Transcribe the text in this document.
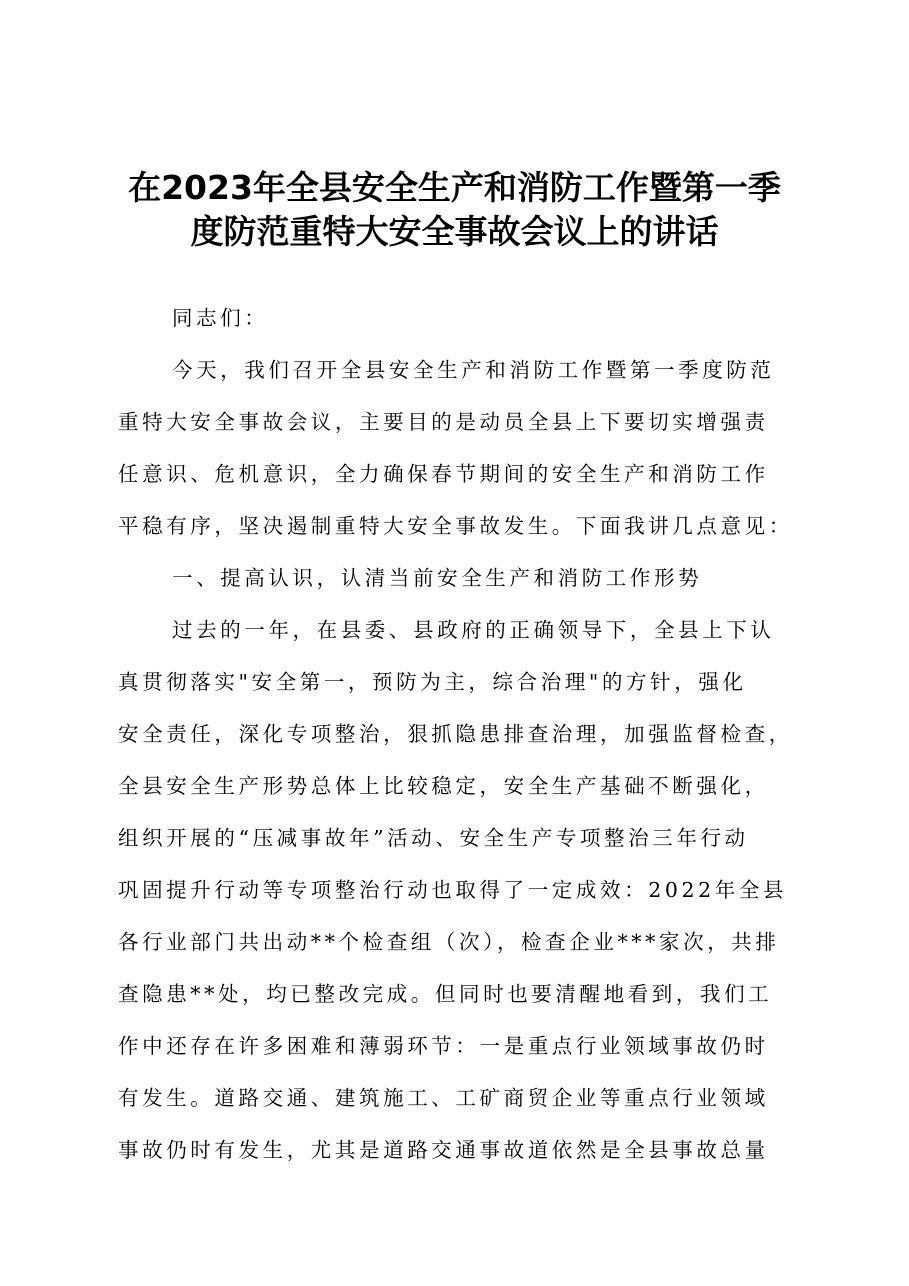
在2023年全县安全生产和消防工作暨第一季
度防范重特大安全事故会议上的讲话
同志们：
今天，我们召开全县安全生产和消防工作暨第一季度防范
重特大安全事故会议，主要目的是动员全县上下要切实增强责
任意识、危机意识，全力确保春节期间的安全生产和消防工作
平稳有序，坚决遏制重特大安全事故发生。下面我讲几点意见：
一、提高认识，认清当前安全生产和消防工作形势
过去的一年，在县委、县政府的正确领导下，全县上下认
真贯彻落实"安全第一，预防为主，综合治理"的方针，强化
安全责任，深化专项整治，狠抓隐患排查治理，加强监督检查，
全县安全生产形势总体上比较稳定，安全生产基础不断强化，
组织开展的“压减事故年”活动、安全生产专项整治三年行动
巩固提升行动等专项整治行动也取得了一定成效：2022年全县
各行业部门共出动**个检查组（次），检查企业***家次，共排
查隐患**处，均已整改完成。但同时也要清醒地看到，我们工
作中还存在许多困难和薄弱环节：一是重点行业领域事故仍时
有发生。道路交通、建筑施工、工矿商贸企业等重点行业领域
事故仍时有发生，尤其是道路交通事故道依然是全县事故总量
